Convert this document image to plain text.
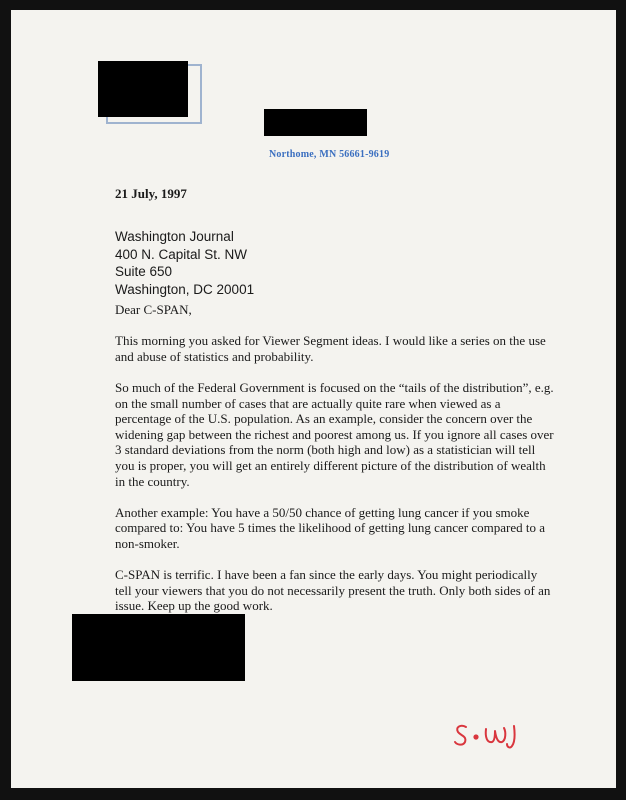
Northome, MN 56661-9619
21 July, 1997
Washington Journal
400 N. Capital St. NW
Suite 650
Washington, DC 20001

Dear C-SPAN,

This morning you asked for Viewer Segment ideas. I would like a series on the use and abuse of statistics and probability.

So much of the Federal Government is focused on the “tails of the distribution”, e.g. on the small number of cases that are actually quite rare when viewed as a percentage of the U.S. population. As an example, consider the concern over the widening gap between the richest and poorest among us. If you ignore all cases over 3 standard deviations from the norm (both high and low) as a statistician will tell you is proper, you will get an entirely different picture of the distribution of wealth in the country.

Another example: You have a 50/50 chance of getting lung cancer if you smoke compared to: You have 5 times the likelihood of getting lung cancer compared to a non-smoker.

C-SPAN is terrific. I have been a fan since the early days. You might periodically tell your viewers that you do not necessarily present the truth. Only both sides of an issue. Keep up the good work.
